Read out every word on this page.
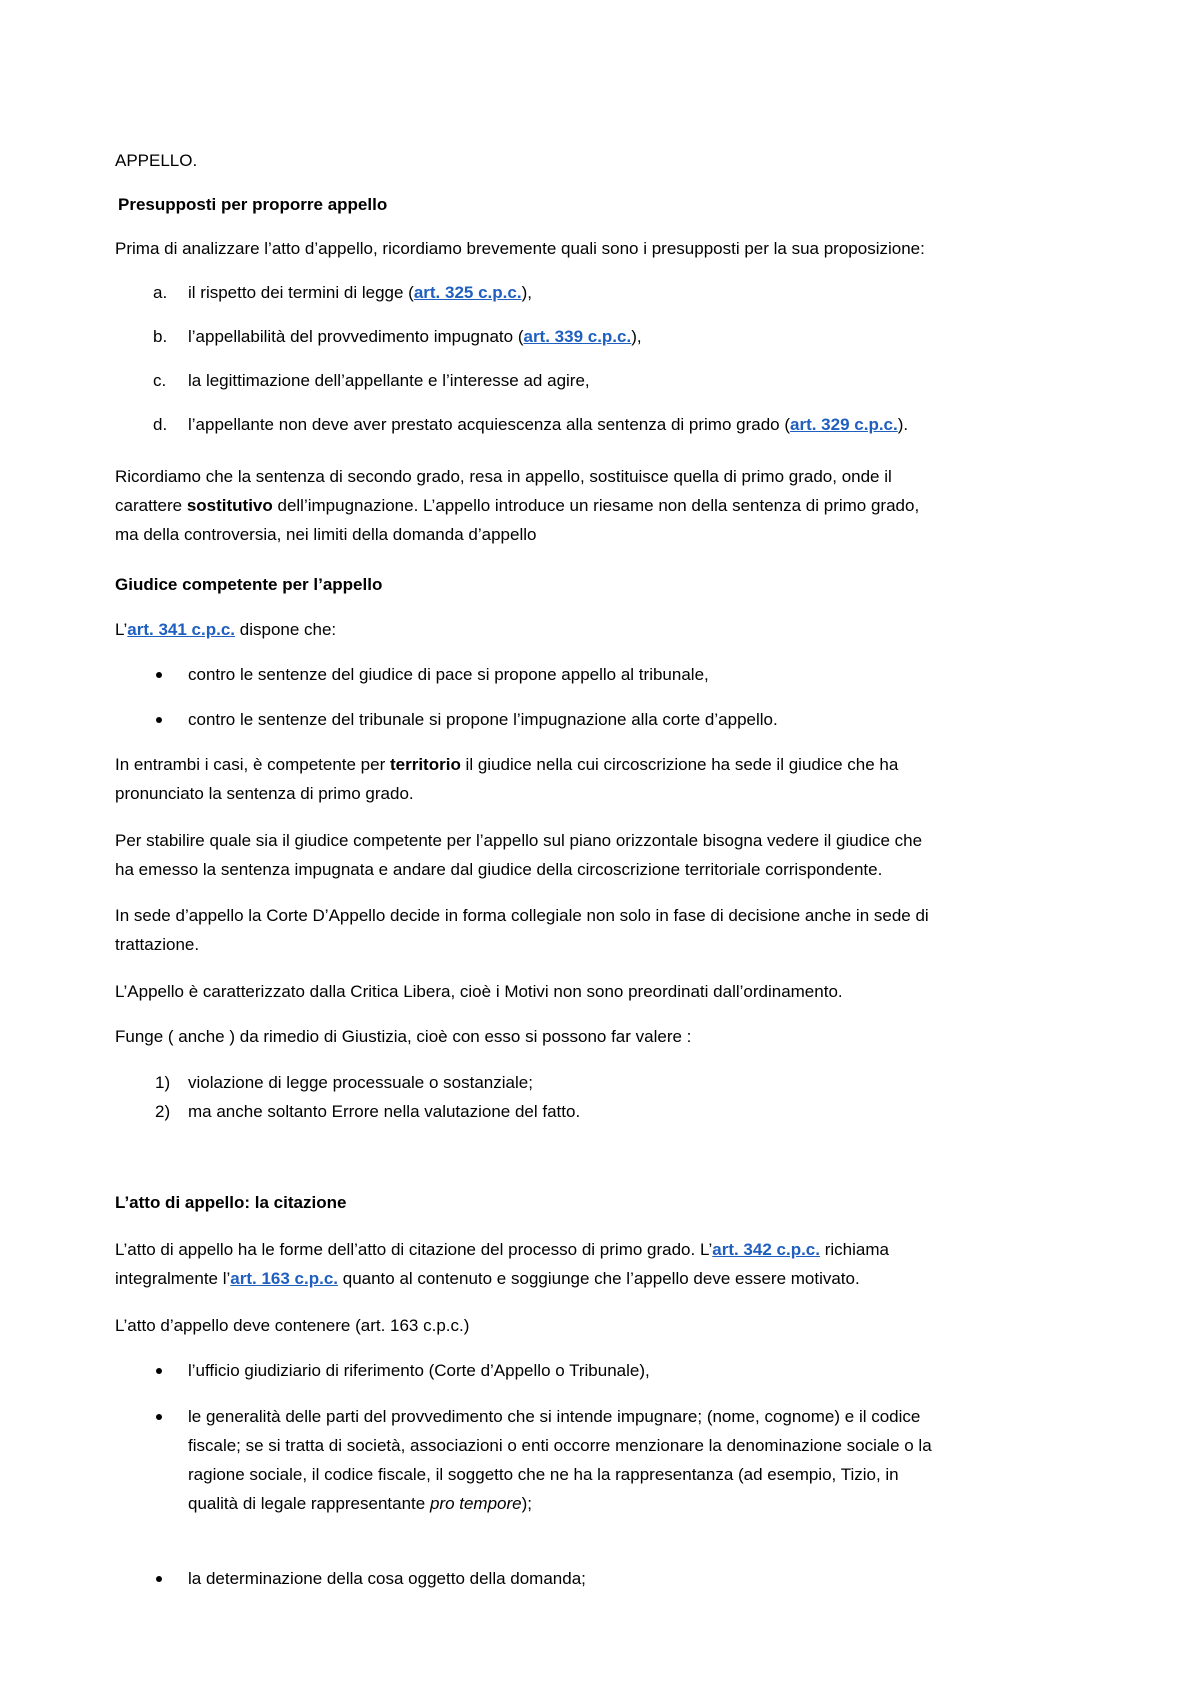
APPELLO.

Presupposti per proporre appello

Prima di analizzare l’atto d’appello, ricordiamo brevemente quali sono i presupposti per la sua proposizione:

a.	il rispetto dei termini di legge (art. 325 c.p.c.),
b.	l’appellabilità del provvedimento impugnato (art. 339 c.p.c.),
c.	la legittimazione dell’appellante e l’interesse ad agire,
d.	l’appellante non deve aver prestato acquiescenza alla sentenza di primo grado (art. 329 c.p.c.).
Ricordiamo che la sentenza di secondo grado, resa in appello, sostituisce quella di primo grado, onde il
carattere sostitutivo dell’impugnazione. L’appello introduce un riesame non della sentenza di primo grado,
ma della controversia, nei limiti della domanda d’appello

Giudice competente per l’appello

L’art. 341 c.p.c. dispone che:

contro le sentenze del giudice di pace si propone appello al tribunale,
contro le sentenze del tribunale si propone l’impugnazione alla corte d’appello.
In entrambi i casi, è competente per territorio il giudice nella cui circoscrizione ha sede il giudice che ha
pronunciato la sentenza di primo grado.
Per stabilire quale sia il giudice competente per l’appello sul piano orizzontale bisogna vedere il giudice che
ha emesso la sentenza impugnata e andare dal giudice della circoscrizione territoriale corrispondente.
In sede d’appello la Corte D’Appello decide in forma collegiale non solo in fase di decisione anche in sede di
trattazione.

L’Appello è caratterizzato dalla Critica Libera, cioè i Motivi non sono preordinati dall’ordinamento.

Funge ( anche ) da rimedio di Giustizia, cioè con esso si possono far valere :

1) violazione di legge processuale o sostanziale;
2) ma anche soltanto Errore nella valutazione del fatto.

L’atto di appello: la citazione

L’atto di appello ha le forme dell’atto di citazione del processo di primo grado. L’art. 342 c.p.c. richiama
integralmente l’art. 163 c.p.c. quanto al contenuto e soggiunge che l’appello deve essere motivato.

L’atto d’appello deve contenere (art. 163 c.p.c.)

l’ufficio giudiziario di riferimento (Corte d’Appello o Tribunale),
le generalità delle parti del provvedimento che si intende impugnare; (nome, cognome) e il codice
fiscale; se si tratta di società, associazioni o enti occorre menzionare la denominazione sociale o la
ragione sociale, il codice fiscale, il soggetto che ne ha la rappresentanza (ad esempio, Tizio, in
qualità di legale rappresentante pro tempore);
la determinazione della cosa oggetto della domanda;
